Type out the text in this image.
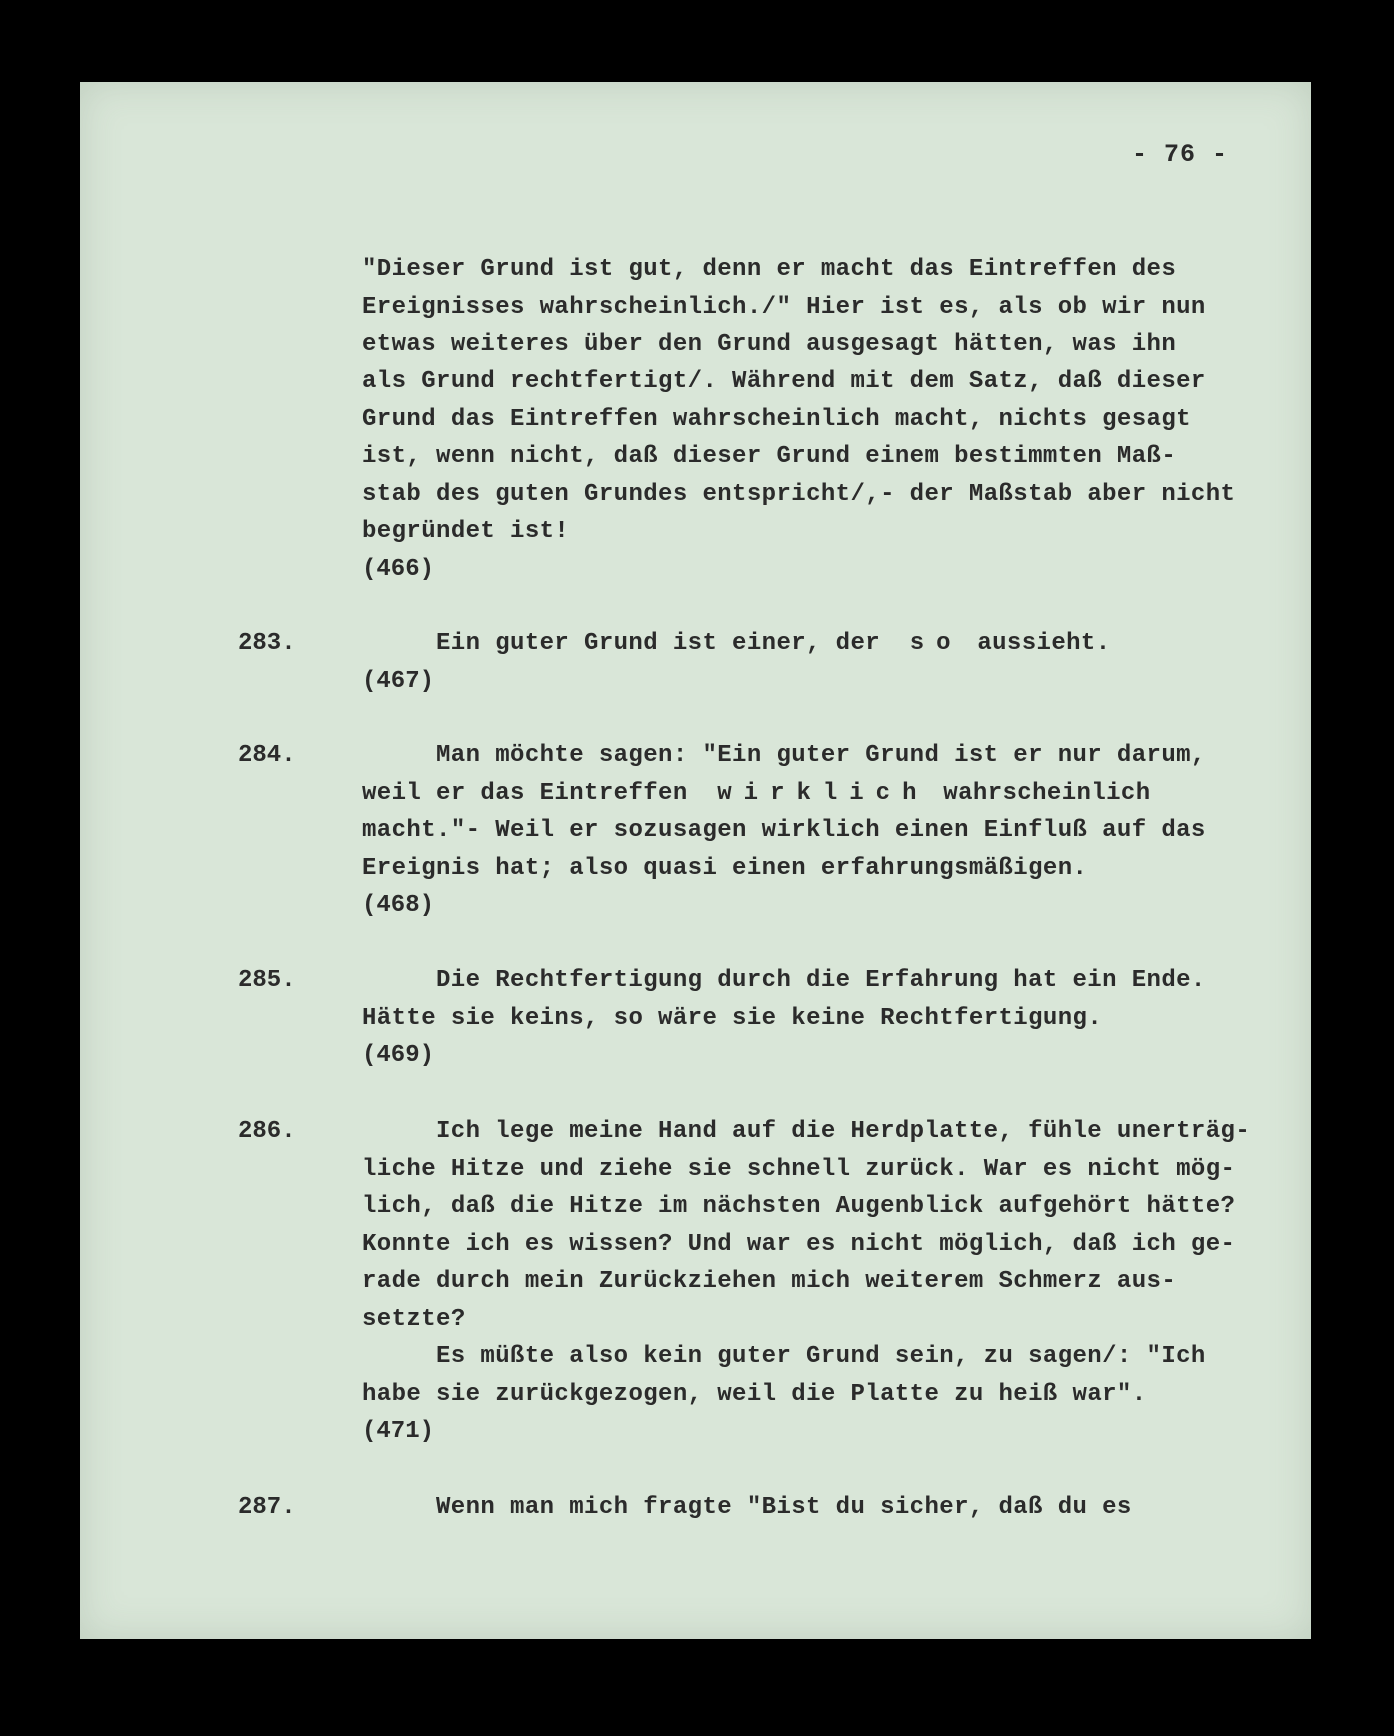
- 76 -
"Dieser Grund ist gut, denn er macht das Eintreffen des
Ereignisses wahrscheinlich./" Hier ist es, als ob wir nun
etwas weiteres über den Grund ausgesagt hätten, was ihn
als Grund rechtfertigt/. Während mit dem Satz, daß dieser
Grund das Eintreffen wahrscheinlich macht, nichts gesagt
ist, wenn nicht, daß dieser Grund einem bestimmten Maß-
stab des guten Grundes entspricht/,- der Maßstab aber nicht
begründet ist!
(466)
283.	Ein guter Grund ist einer, der so aussieht.
(467)
284.	Man möchte sagen: "Ein guter Grund ist er nur darum,
weil er das Eintreffen wirklich wahrscheinlich
macht."- Weil er sozusagen wirklich einen Einfluß auf das
Ereignis hat; also quasi einen erfahrungsmäßigen.
(468)
285.	Die Rechtfertigung durch die Erfahrung hat ein Ende.
Hätte sie keins, so wäre sie keine Rechtfertigung.
(469)
286.	Ich lege meine Hand auf die Herdplatte, fühle unerträg-
liche Hitze und ziehe sie schnell zurück. War es nicht mög-
lich, daß die Hitze im nächsten Augenblick aufgehört hätte?
Konnte ich es wissen? Und war es nicht möglich, daß ich ge-
rade durch mein Zurückziehen mich weiterem Schmerz aus-
setzte?
Es müßte also kein guter Grund sein, zu sagen/: "Ich
habe sie zurückgezogen, weil die Platte zu heiß war".
(471)
287.	Wenn man mich fragte "Bist du sicher, daß du es
